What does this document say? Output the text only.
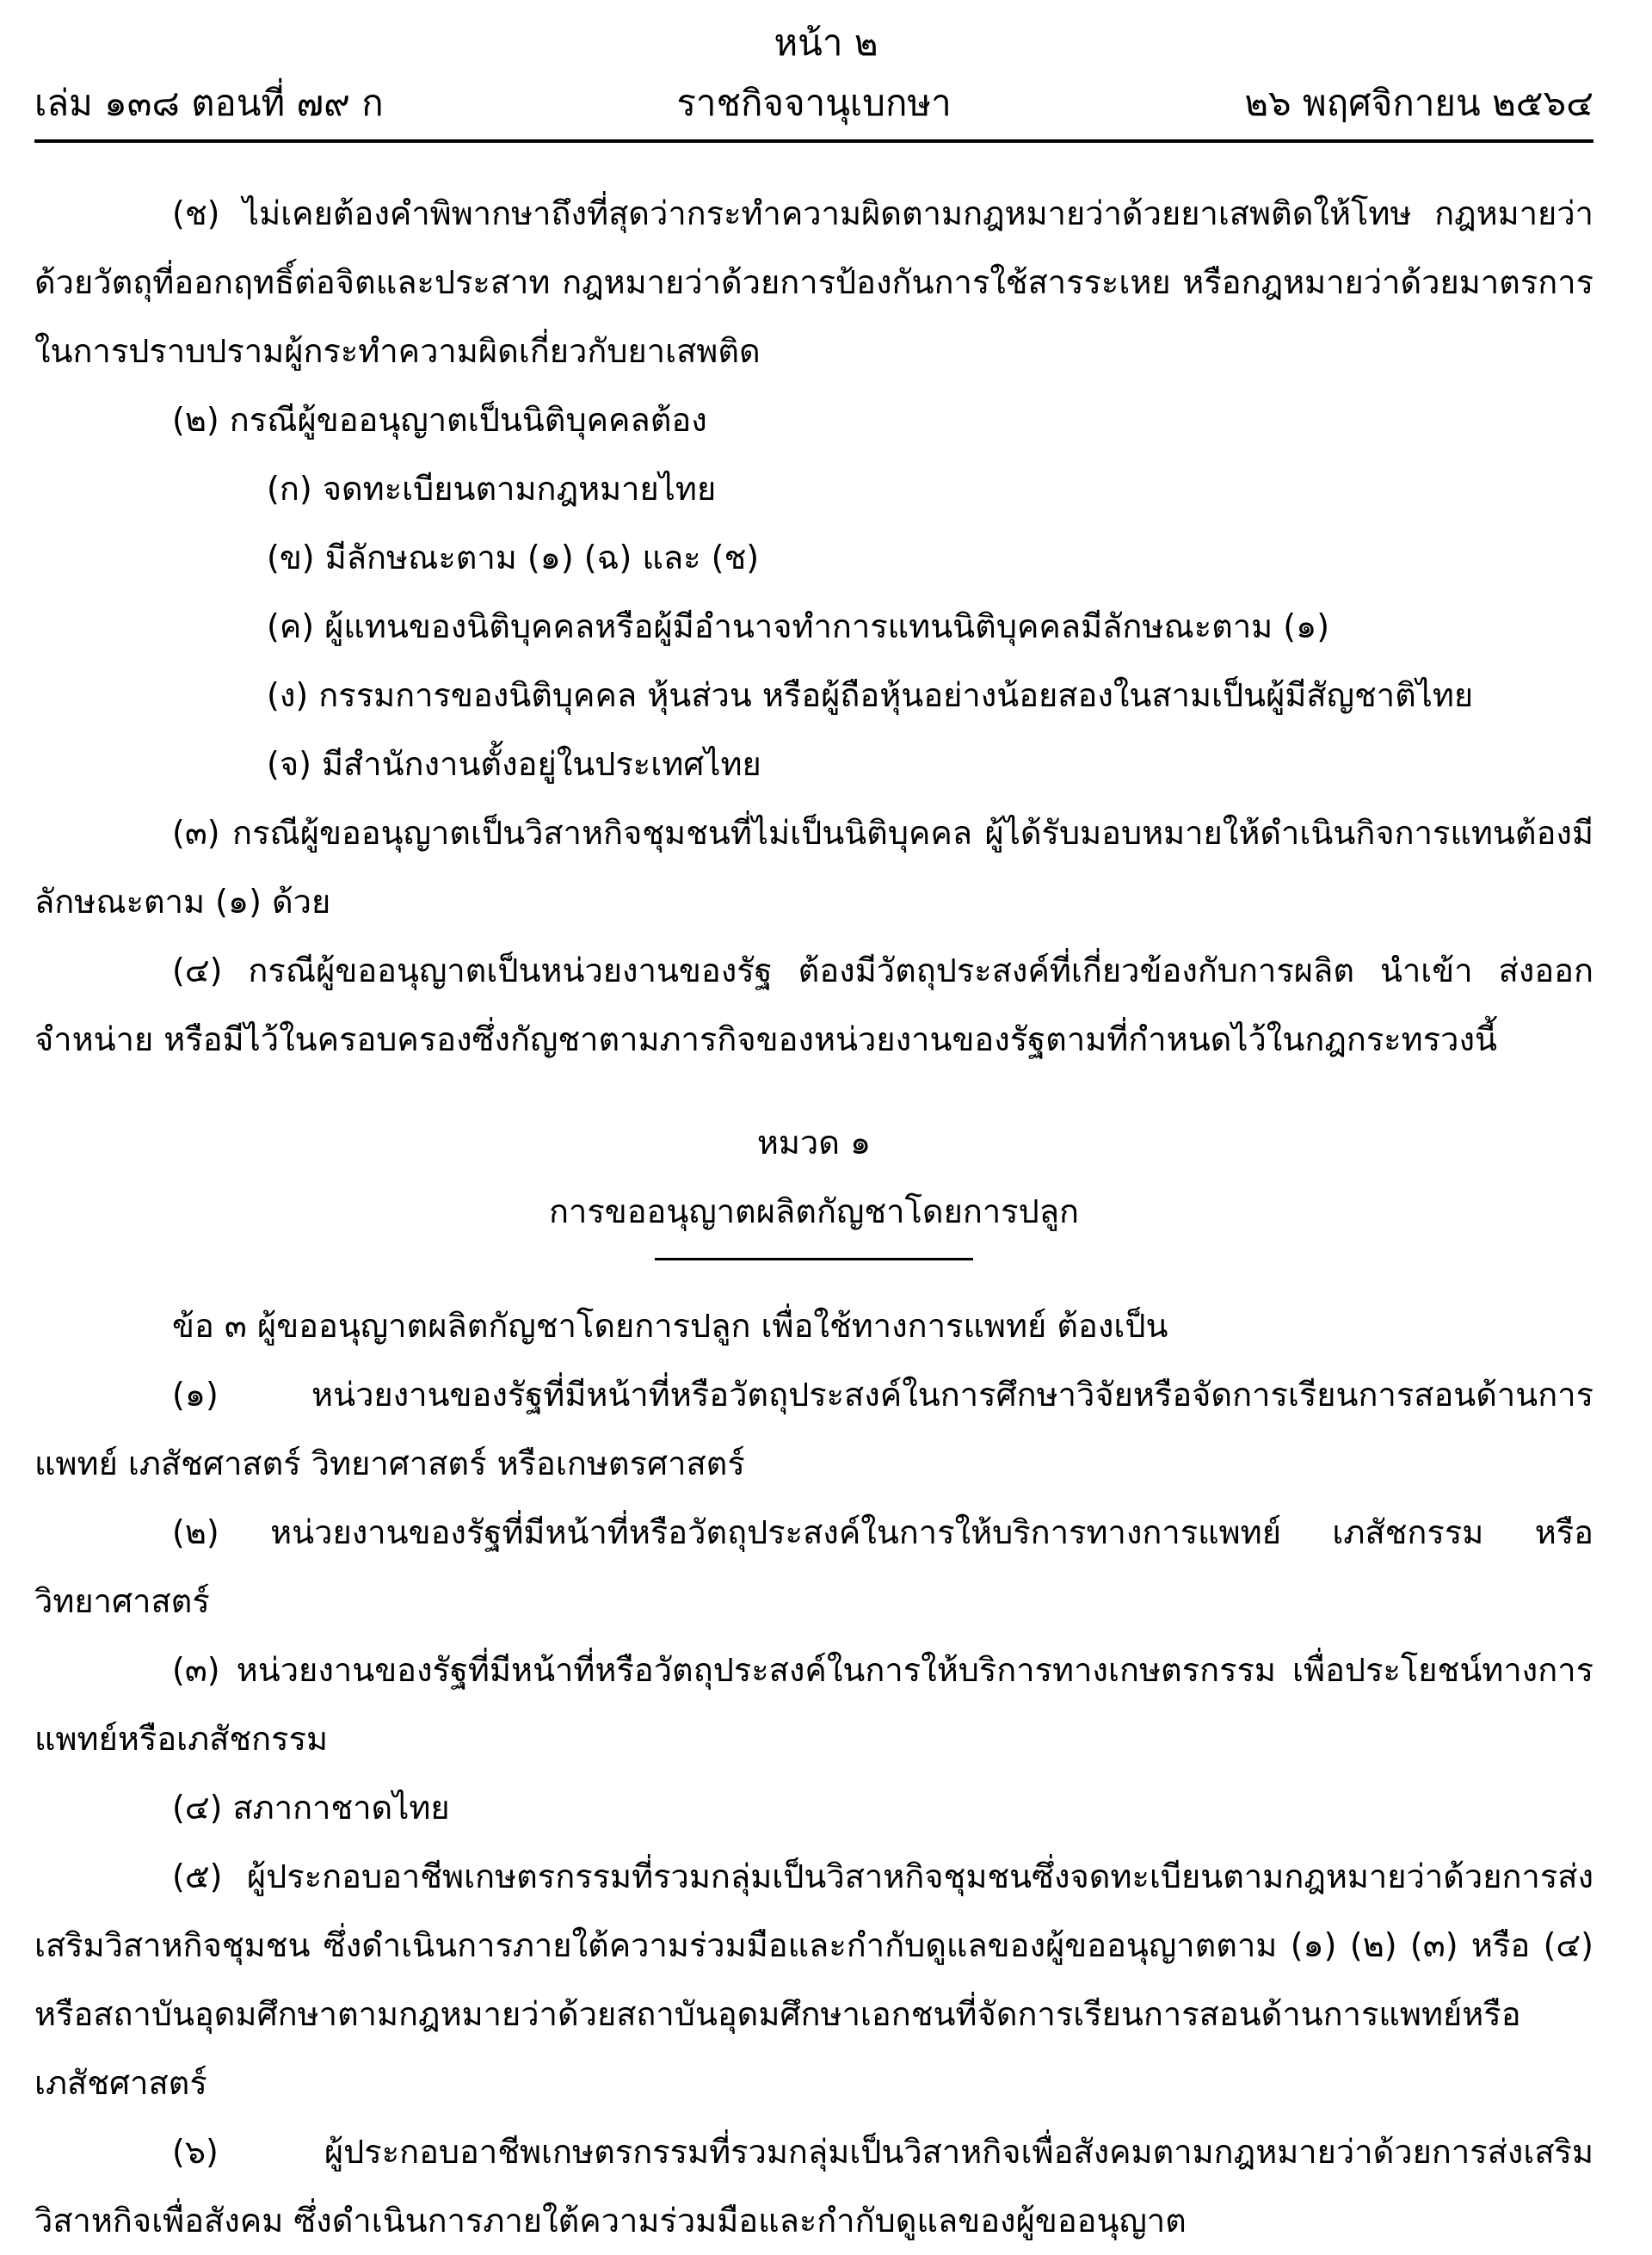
หน้า ๒
ราชกิจจานุเบกษา
เล่ม ๑๓๘ ตอนที่ ๗๙ ก	๒๖ พฤศจิกายน ๒๕๖๔

(ช) ไม่เคยต้องคำพิพากษาถึงที่สุดว่ากระทำความผิดตามกฎหมายว่าด้วยยาเสพติดให้โทษ กฎหมายว่าด้วยวัตถุที่ออกฤทธิ์ต่อจิตและประสาท กฎหมายว่าด้วยการป้องกันการใช้สารระเหย หรือกฎหมายว่าด้วยมาตรการในการปราบปรามผู้กระทำความผิดเกี่ยวกับยาเสพติด

(๒) กรณีผู้ขออนุญาตเป็นนิติบุคคลต้อง

(ก) จดทะเบียนตามกฎหมายไทย

(ข) มีลักษณะตาม (๑) (ฉ) และ (ช)

(ค) ผู้แทนของนิติบุคคลหรือผู้มีอำนาจทำการแทนนิติบุคคลมีลักษณะตาม (๑)

(ง) กรรมการของนิติบุคคล หุ้นส่วน หรือผู้ถือหุ้นอย่างน้อยสองในสามเป็นผู้มีสัญชาติไทย

(จ) มีสำนักงานตั้งอยู่ในประเทศไทย

(๓) กรณีผู้ขออนุญาตเป็นวิสาหกิจชุมชนที่ไม่เป็นนิติบุคคล ผู้ได้รับมอบหมายให้ดำเนินกิจการแทนต้องมีลักษณะตาม (๑) ด้วย

(๔) กรณีผู้ขออนุญาตเป็นหน่วยงานของรัฐ ต้องมีวัตถุประสงค์ที่เกี่ยวข้องกับการผลิต นำเข้า ส่งออก จำหน่าย หรือมีไว้ในครอบครองซึ่งกัญชาตามภารกิจของหน่วยงานของรัฐตามที่กำหนดไว้ในกฎกระทรวงนี้

หมวด ๑

การขออนุญาตผลิตกัญชาโดยการปลูก

ข้อ ๓ ผู้ขออนุญาตผลิตกัญชาโดยการปลูก เพื่อใช้ทางการแพทย์ ต้องเป็น

(๑) หน่วยงานของรัฐที่มีหน้าที่หรือวัตถุประสงค์ในการศึกษาวิจัยหรือจัดการเรียนการสอนด้านการแพทย์ เภสัชศาสตร์ วิทยาศาสตร์ หรือเกษตรศาสตร์

(๒) หน่วยงานของรัฐที่มีหน้าที่หรือวัตถุประสงค์ในการให้บริการทางการแพทย์ เภสัชกรรม หรือวิทยาศาสตร์

(๓) หน่วยงานของรัฐที่มีหน้าที่หรือวัตถุประสงค์ในการให้บริการทางเกษตรกรรม เพื่อประโยชน์ทางการแพทย์หรือเภสัชกรรม

(๔) สภากาชาดไทย

(๕) ผู้ประกอบอาชีพเกษตรกรรมที่รวมกลุ่มเป็นวิสาหกิจชุมชนซึ่งจดทะเบียนตามกฎหมายว่าด้วยการส่งเสริมวิสาหกิจชุมชน ซึ่งดำเนินการภายใต้ความร่วมมือและกำกับดูแลของผู้ขออนุญาตตาม (๑) (๒) (๓) หรือ (๔) หรือสถาบันอุดมศึกษาตามกฎหมายว่าด้วยสถาบันอุดมศึกษาเอกชนที่จัดการเรียนการสอนด้านการแพทย์หรือเภสัชศาสตร์

(๖) ผู้ประกอบอาชีพเกษตรกรรมที่รวมกลุ่มเป็นวิสาหกิจเพื่อสังคมตามกฎหมายว่าด้วยการส่งเสริมวิสาหกิจเพื่อสังคม ซึ่งดำเนินการภายใต้ความร่วมมือและกำกับดูแลของผู้ขออนุญาต
